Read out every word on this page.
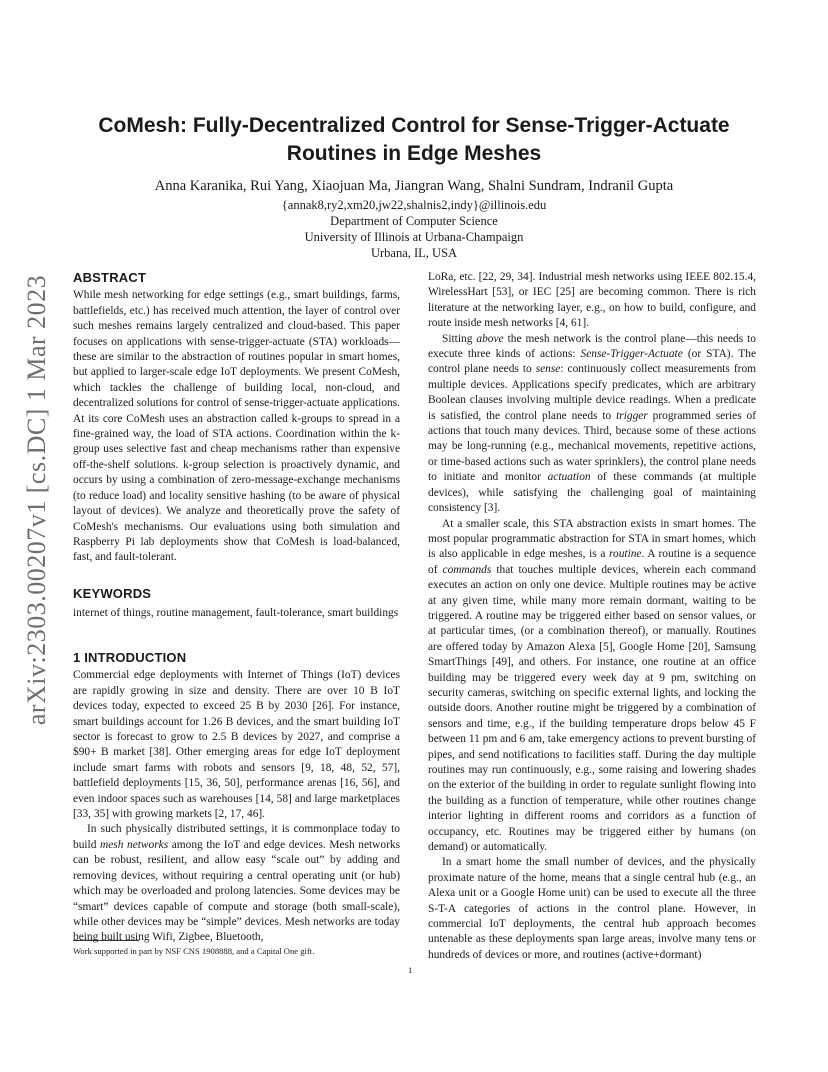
arXiv:2303.00207v1 [cs.DC] 1 Mar 2023
CoMesh: Fully-Decentralized Control for Sense-Trigger-Actuate
Routines in Edge Meshes
Anna Karanika, Rui Yang, Xiaojuan Ma, Jiangran Wang, Shalni Sundram, Indranil Gupta
{annak8,ry2,xm20,jw22,shalnis2,indy}@illinois.edu
Department of Computer Science
University of Illinois at Urbana-Champaign
Urbana, IL, USA
ABSTRACT

While mesh networking for edge settings (e.g., smart buildings, farms, battlefields, etc.) has received much attention, the layer of control over such meshes remains largely centralized and cloud-based. This paper focuses on applications with sense-trigger-actuate (STA) workloads—these are similar to the abstraction of routines popular in smart homes, but applied to larger-scale edge IoT deployments. We present CoMesh, which tackles the challenge of building local, non-cloud, and decentralized solutions for control of sense-trigger-actuate applications. At its core CoMesh uses an abstraction called k-groups to spread in a fine-grained way, the load of STA actions. Coordination within the k-group uses selective fast and cheap mechanisms rather than expensive off-the-shelf solutions. k-group selection is proactively dynamic, and occurs by using a combination of zero-message-exchange mechanisms (to reduce load) and locality sensitive hashing (to be aware of physical layout of devices). We analyze and theoretically prove the safety of CoMesh's mechanisms. Our evaluations using both simulation and Raspberry Pi lab deployments show that CoMesh is load-balanced, fast, and fault-tolerant.

KEYWORDS

internet of things, routine management, fault-tolerance, smart buildings

1 INTRODUCTION

Commercial edge deployments with Internet of Things (IoT) devices are rapidly growing in size and density. There are over 10 B IoT devices today, expected to exceed 25 B by 2030 [26]. For instance, smart buildings account for 1.26 B devices, and the smart building IoT sector is forecast to grow to 2.5 B devices by 2027, and comprise a $90+ B market [38]. Other emerging areas for edge IoT deployment include smart farms with robots and sensors [9, 18, 48, 52, 57], battlefield deployments [15, 36, 50], performance arenas [16, 56], and even indoor spaces such as warehouses [14, 58] and large marketplaces [33, 35] with growing markets [2, 17, 46].

In such physically distributed settings, it is commonplace today to build mesh networks among the IoT and edge devices. Mesh networks can be robust, resilient, and allow easy “scale out” by adding and removing devices, without requiring a central operating unit (or hub) which may be overloaded and prolong latencies. Some devices may be “smart” devices capable of compute and storage (both small-scale), while other devices may be “simple” devices. Mesh networks are today being built using Wifi, Zigbee, Bluetooth,

LoRa, etc. [22, 29, 34]. Industrial mesh networks using IEEE 802.15.4, WirelessHart [53], or IEC [25] are becoming common. There is rich literature at the networking layer, e.g., on how to build, configure, and route inside mesh networks [4, 61].

Sitting above the mesh network is the control plane—this needs to execute three kinds of actions: Sense-Trigger-Actuate (or STA). The control plane needs to sense: continuously collect measurements from multiple devices. Applications specify predicates, which are arbitrary Boolean clauses involving multiple device readings. When a predicate is satisfied, the control plane needs to trigger programmed series of actions that touch many devices. Third, because some of these actions may be long-running (e.g., mechanical movements, repetitive actions, or time-based actions such as water sprinklers), the control plane needs to initiate and monitor actuation of these commands (at multiple devices), while satisfying the challenging goal of maintaining consistency [3].

At a smaller scale, this STA abstraction exists in smart homes. The most popular programmatic abstraction for STA in smart homes, which is also applicable in edge meshes, is a routine. A routine is a sequence of commands that touches multiple devices, wherein each command executes an action on only one device. Multiple routines may be active at any given time, while many more remain dormant, waiting to be triggered. A routine may be triggered either based on sensor values, or at particular times, (or a combination thereof), or manually. Routines are offered today by Amazon Alexa [5], Google Home [20], Samsung SmartThings [49], and others. For instance, one routine at an office building may be triggered every week day at 9 pm, switching on security cameras, switching on specific external lights, and locking the outside doors. Another routine might be triggered by a combination of sensors and time, e.g., if the building temperature drops below 45 F between 11 pm and 6 am, take emergency actions to prevent bursting of pipes, and send notifications to facilities staff. During the day multiple routines may run continuously, e.g., some raising and lowering shades on the exterior of the building in order to regulate sunlight flowing into the building as a function of temperature, while other routines change interior lighting in different rooms and corridors as a function of occupancy, etc. Routines may be triggered either by humans (on demand) or automatically.

In a smart home the small number of devices, and the physically proximate nature of the home, means that a single central hub (e.g., an Alexa unit or a Google Home unit) can be used to execute all the three S-T-A categories of actions in the control plane. However, in commercial IoT deployments, the central hub approach becomes untenable as these deployments span large areas, involve many tens or hundreds of devices or more, and routines (active+dormant)

Work supported in part by NSF CNS 1908888, and a Capital One gift.
1
